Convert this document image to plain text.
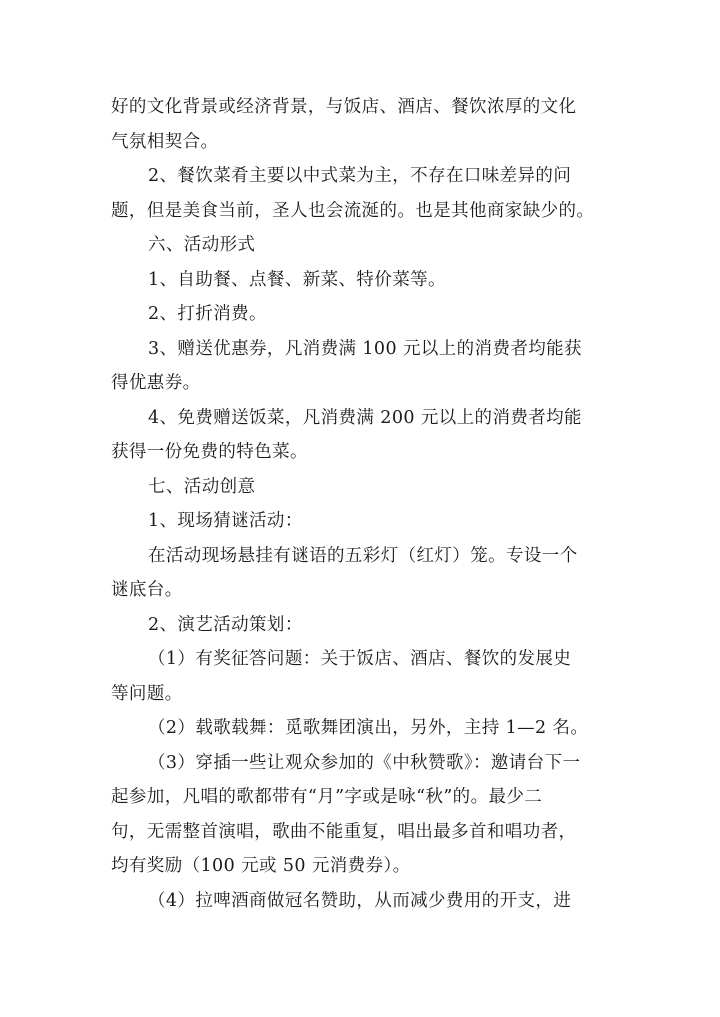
好的文化背景或经济背景，与饭店、酒店、餐饮浓厚的文化
气氛相契合。

2、餐饮菜肴主要以中式菜为主，不存在口味差异的问
题，但是美食当前，圣人也会流涎的。也是其他商家缺少的。

六、活动形式

1、自助餐、点餐、新菜、特价菜等。

2、打折消费。

3、赠送优惠券，凡消费满 100 元以上的消费者均能获
得优惠券。

4、免费赠送饭菜，凡消费满 200 元以上的消费者均能
获得一份免费的特色菜。

七、活动创意

1、现场猜谜活动：

在活动现场悬挂有谜语的五彩灯（红灯）笼。专设一个
谜底台。

2、演艺活动策划：

（1）有奖征答问题：关于饭店、酒店、餐饮的发展史
等问题。

（2）载歌载舞：觅歌舞团演出，另外，主持 1—2 名。

（3）穿插一些让观众参加的《中秋赞歌》：邀请台下一
起参加，凡唱的歌都带有“月”字或是咏“秋”的。最少二
句，无需整首演唱，歌曲不能重复，唱出最多首和唱功者，
均有奖励（100 元或 50 元消费券）。

（4）拉啤酒商做冠名赞助，从而减少费用的开支，进
